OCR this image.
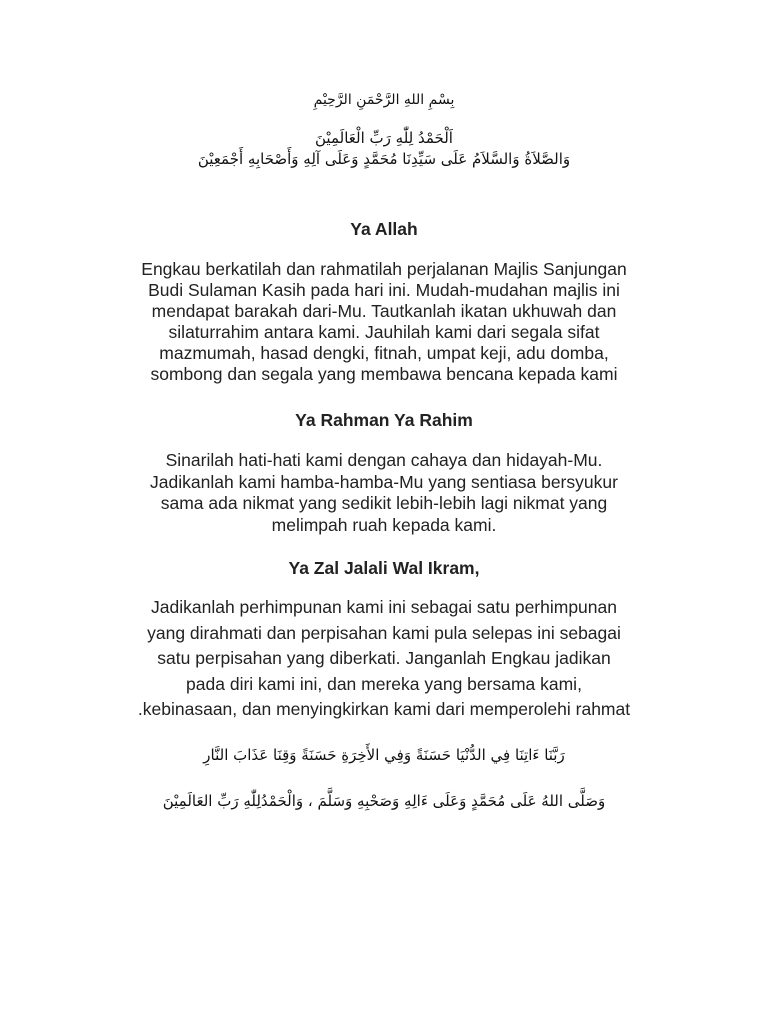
بِسْمِ اللهِ الرَّحْمَنِ الرَّحِيْمِ
اَلْحَمْدُ لِلّٰهِ رَبِّ الْعَالَمِيْنَ
وَالصَّلاَةُ وَالسَّلاَمُ عَلَى سَيِّدِنَا مُحَمَّدٍ وَعَلَى آلِهِ وَأَصْحَابِهِ أَجْمَعِيْنَ
Ya Allah
Engkau berkatilah dan rahmatilah perjalanan Majlis Sanjungan
Budi Sulaman Kasih pada hari ini. Mudah-mudahan majlis ini
mendapat barakah dari-Mu. Tautkanlah ikatan ukhuwah dan
silaturrahim antara kami. Jauhilah kami dari segala sifat
mazmumah, hasad dengki, fitnah, umpat keji, adu domba,
sombong dan segala yang membawa bencana kepada kami
Ya Rahman Ya Rahim
Sinarilah hati-hati kami dengan cahaya dan hidayah-Mu.
Jadikanlah kami hamba-hamba-Mu yang sentiasa bersyukur
sama ada nikmat yang sedikit lebih-lebih lagi nikmat yang
melimpah ruah kepada kami.
Ya Zal Jalali Wal Ikram,
Jadikanlah perhimpunan kami ini sebagai satu perhimpunan
yang dirahmati dan perpisahan kami pula selepas ini sebagai
satu perpisahan yang diberkati. Janganlah Engkau jadikan
pada diri kami ini, dan mereka yang bersama kami,
.kebinasaan, dan menyingkirkan kami dari memperolehi rahmat
رَبَّنَا ءَاتِنَا فِي الدُّنْيَا حَسَنَةً وَفِي الأَخِرَةِ حَسَنَةً وَقِنَا عَذَابَ النَّارِ
وَصَلَّى اللهُ عَلَى مُحَمَّدٍ وَعَلَى ءَالِهِ وَصَحْبِهِ وَسَلَّمَ ، وَالْحَمْدُلِلّٰهِ رَبِّ العَالَمِيْنَ
